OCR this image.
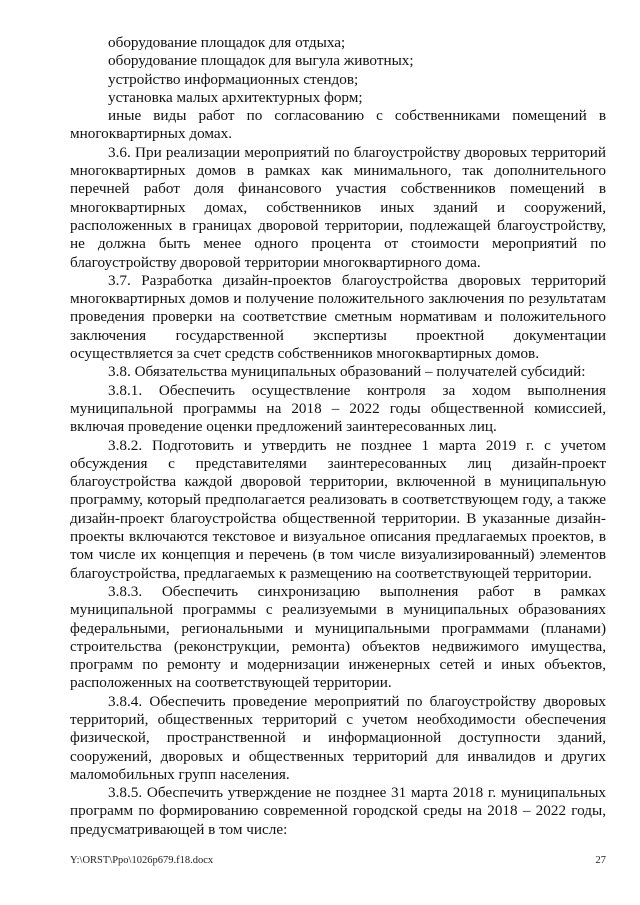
оборудование площадок для отдыха;

оборудование площадок для выгула животных;

устройство информационных стендов;

установка малых архитектурных форм;

иные виды работ по согласованию с собственниками помещений в многоквартирных домах.

3.6. При реализации мероприятий по благоустройству дворовых территорий многоквартирных домов в рамках как минимального, так дополнительного перечней работ доля финансового участия собственников помещений в многоквартирных домах, собственников иных зданий и сооружений, расположенных в границах дворовой территории, подлежащей благоустройству, не должна быть менее одного процента от стоимости мероприятий по благоустройству дворовой территории многоквартирного дома.

3.7. Разработка дизайн-проектов благоустройства дворовых территорий многоквартирных домов и получение положительного заключения по результатам проведения проверки на соответствие сметным нормативам и положительного заключения государственной экспертизы проектной документации осуществляется за счет средств собственников многоквартирных домов.

3.8. Обязательства муниципальных образований – получателей субсидий:

3.8.1. Обеспечить осуществление контроля за ходом выполнения муниципальной программы на 2018 – 2022 годы общественной комиссией, включая проведение оценки предложений заинтересованных лиц.

3.8.2. Подготовить и утвердить не позднее 1 марта 2019 г. с учетом обсуждения с представителями заинтересованных лиц дизайн-проект благоустройства каждой дворовой территории, включенной в муниципальную программу, который предполагается реализовать в соответствующем году, а также дизайн-проект благоустройства общественной территории. В указанные дизайн-проекты включаются текстовое и визуальное описания предлагаемых проектов, в том числе их концепция и перечень (в том числе визуализированный) элементов благоустройства, предлагаемых к размещению на соответствующей территории.

3.8.3. Обеспечить синхронизацию выполнения работ в рамках муниципальной программы с реализуемыми в муниципальных образованиях федеральными, региональными и муниципальными программами (планами) строительства (реконструкции, ремонта) объектов недвижимого имущества, программ по ремонту и модернизации инженерных сетей и иных объектов, расположенных на соответствующей территории.

3.8.4. Обеспечить проведение мероприятий по благоустройству дворовых территорий, общественных территорий с учетом необходимости обеспечения физической, пространственной и информационной доступности зданий, сооружений, дворовых и общественных территорий для инвалидов и других маломобильных групп населения.

3.8.5. Обеспечить утверждение не позднее 31 марта 2018 г. муниципальных программ по формированию современной городской среды на 2018 – 2022 годы, предусматривающей в том числе:

Y:\ORST\Ppo\1026p679.f18.docx	27
